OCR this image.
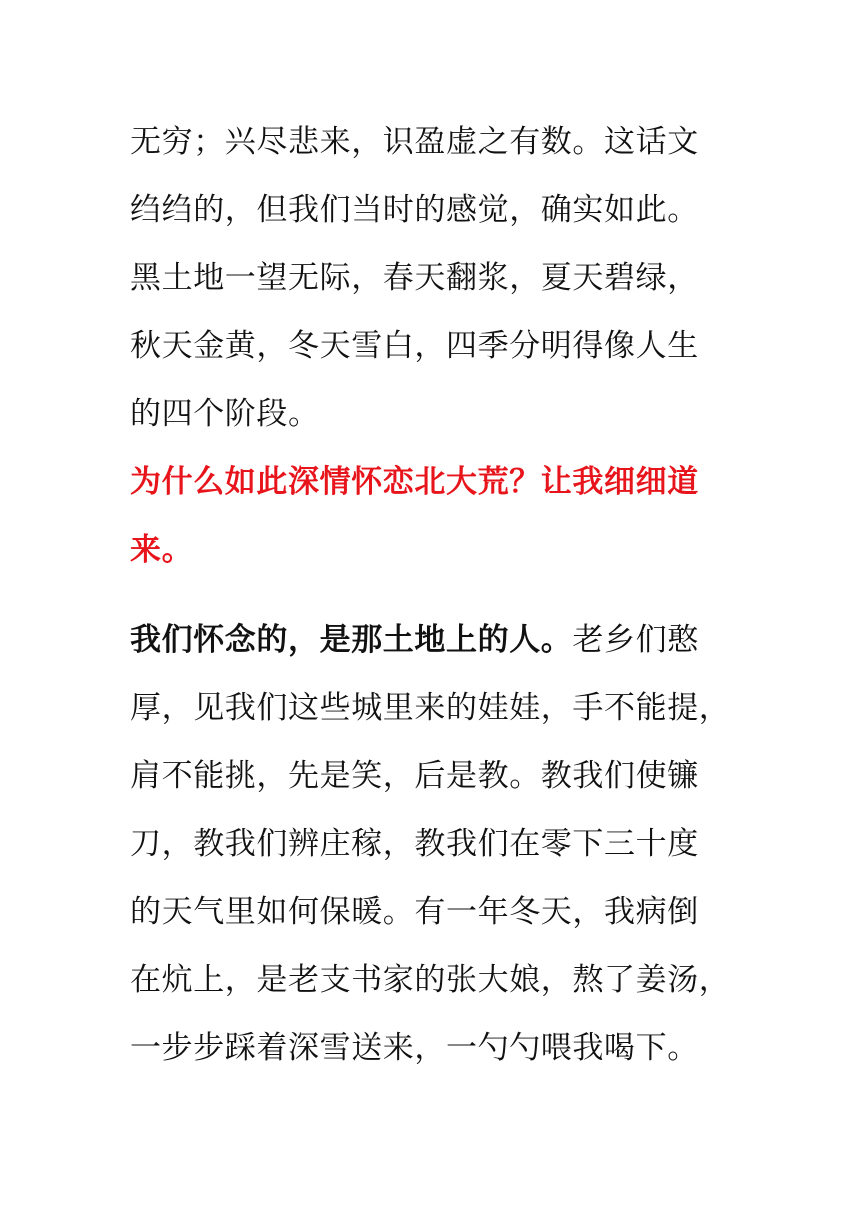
无穷；兴尽悲来，识盈虚之有数。这话文
绉绉的，但我们当时的感觉，确实如此。
黑土地一望无际，春天翻浆，夏天碧绿，
秋天金黄，冬天雪白，四季分明得像人生
的四个阶段。
为什么如此深情怀恋北大荒？让我细细道
来。
我们怀念的，是那土地上的人。老乡们憨
厚，见我们这些城里来的娃娃，手不能提，
肩不能挑，先是笑，后是教。教我们使镰
刀，教我们辨庄稼，教我们在零下三十度
的天气里如何保暖。有一年冬天，我病倒
在炕上，是老支书家的张大娘，熬了姜汤，
一步步踩着深雪送来，一勺勺喂我喝下。
